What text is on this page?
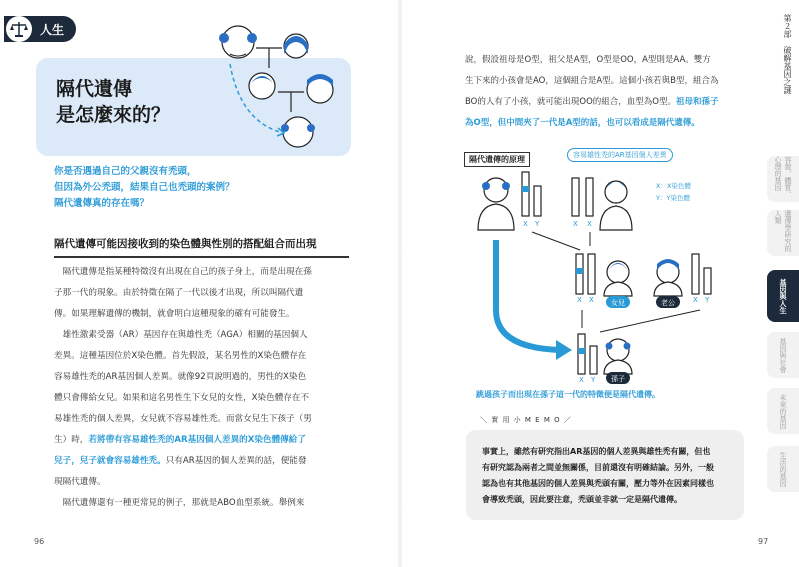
人生
隔代遺傳
是怎麼來的？
你是否遇過自己的父親沒有禿頭，
但因為外公禿頭，結果自己也禿頭的案例？
隔代遺傳真的存在嗎？
隔代遺傳可能因接收到的染色體與性別的搭配組合而出現
　隔代遺傳是指某種特徵沒有出現在自己的孩子身上，而是出現在孫
子那一代的現象。由於特徵在隔了一代以後才出現，所以叫隔代遺
傳。如果理解遺傳的機制，就會明白這種現象的確有可能發生。
　雄性激素受器（AR）基因存在與雄性禿（AGA）相關的基因個人
差異。這種基因位於X染色體。首先假設，某名男性的X染色體存在
容易雄性禿的AR基因個人差異。就像92頁說明過的，男性的X染色
體只會傳給女兒。如果和這名男性生下女兒的女性，X染色體存在不
易雄性禿的個人差異，女兒就不容易雄性禿。而當女兒生下孩子（男
生）時，若將帶有容易雄性禿的AR基因個人差異的X染色體傳給了
兒子，兒子就會容易雄性禿。只有AR基因的個人差異的話，便能發
現隔代遺傳。
　隔代遺傳還有一種更常見的例子，那就是ABO血型系統。舉例來
96
說，假設祖母是O型，祖父是A型，O型是OO，A型則是AA。雙方
生下來的小孩會是AO，這個組合是A型。這個小孩若與B型，組合為
BO的人有了小孩，就可能出現OO的組合，血型為O型。祖母和孫子
為O型，但中間夾了一代是A型的話，也可以看成是隔代遺傳。
X Y	X X
X：X染色體
Y：Y染色體
X X 女兒	老公	X Y
X Y 孫子
隔代遺傳的原理	容易雄性禿的AR基因個人差異
跳過孩子而出現在孫子這一代的特徵便是隔代遺傳。
＼ 實 用 小 M E M O ／
事實上，雖然有研究指出AR基因的個人差異與雄性禿有關，但也
有研究認為兩者之間並無關係，目前還沒有明確結論。另外，一般
認為也有其他基因的個人差異與禿頭有關，壓力等外在因素同樣也
會導致禿頭，因此要注意，禿頭並非就一定是隔代遺傳。
第２部　破解基因之謎
容貌、體質、心理的基因
遺傳學研究的人類
基因與人生
基因與社會
未來的基因
生活的基因
97
